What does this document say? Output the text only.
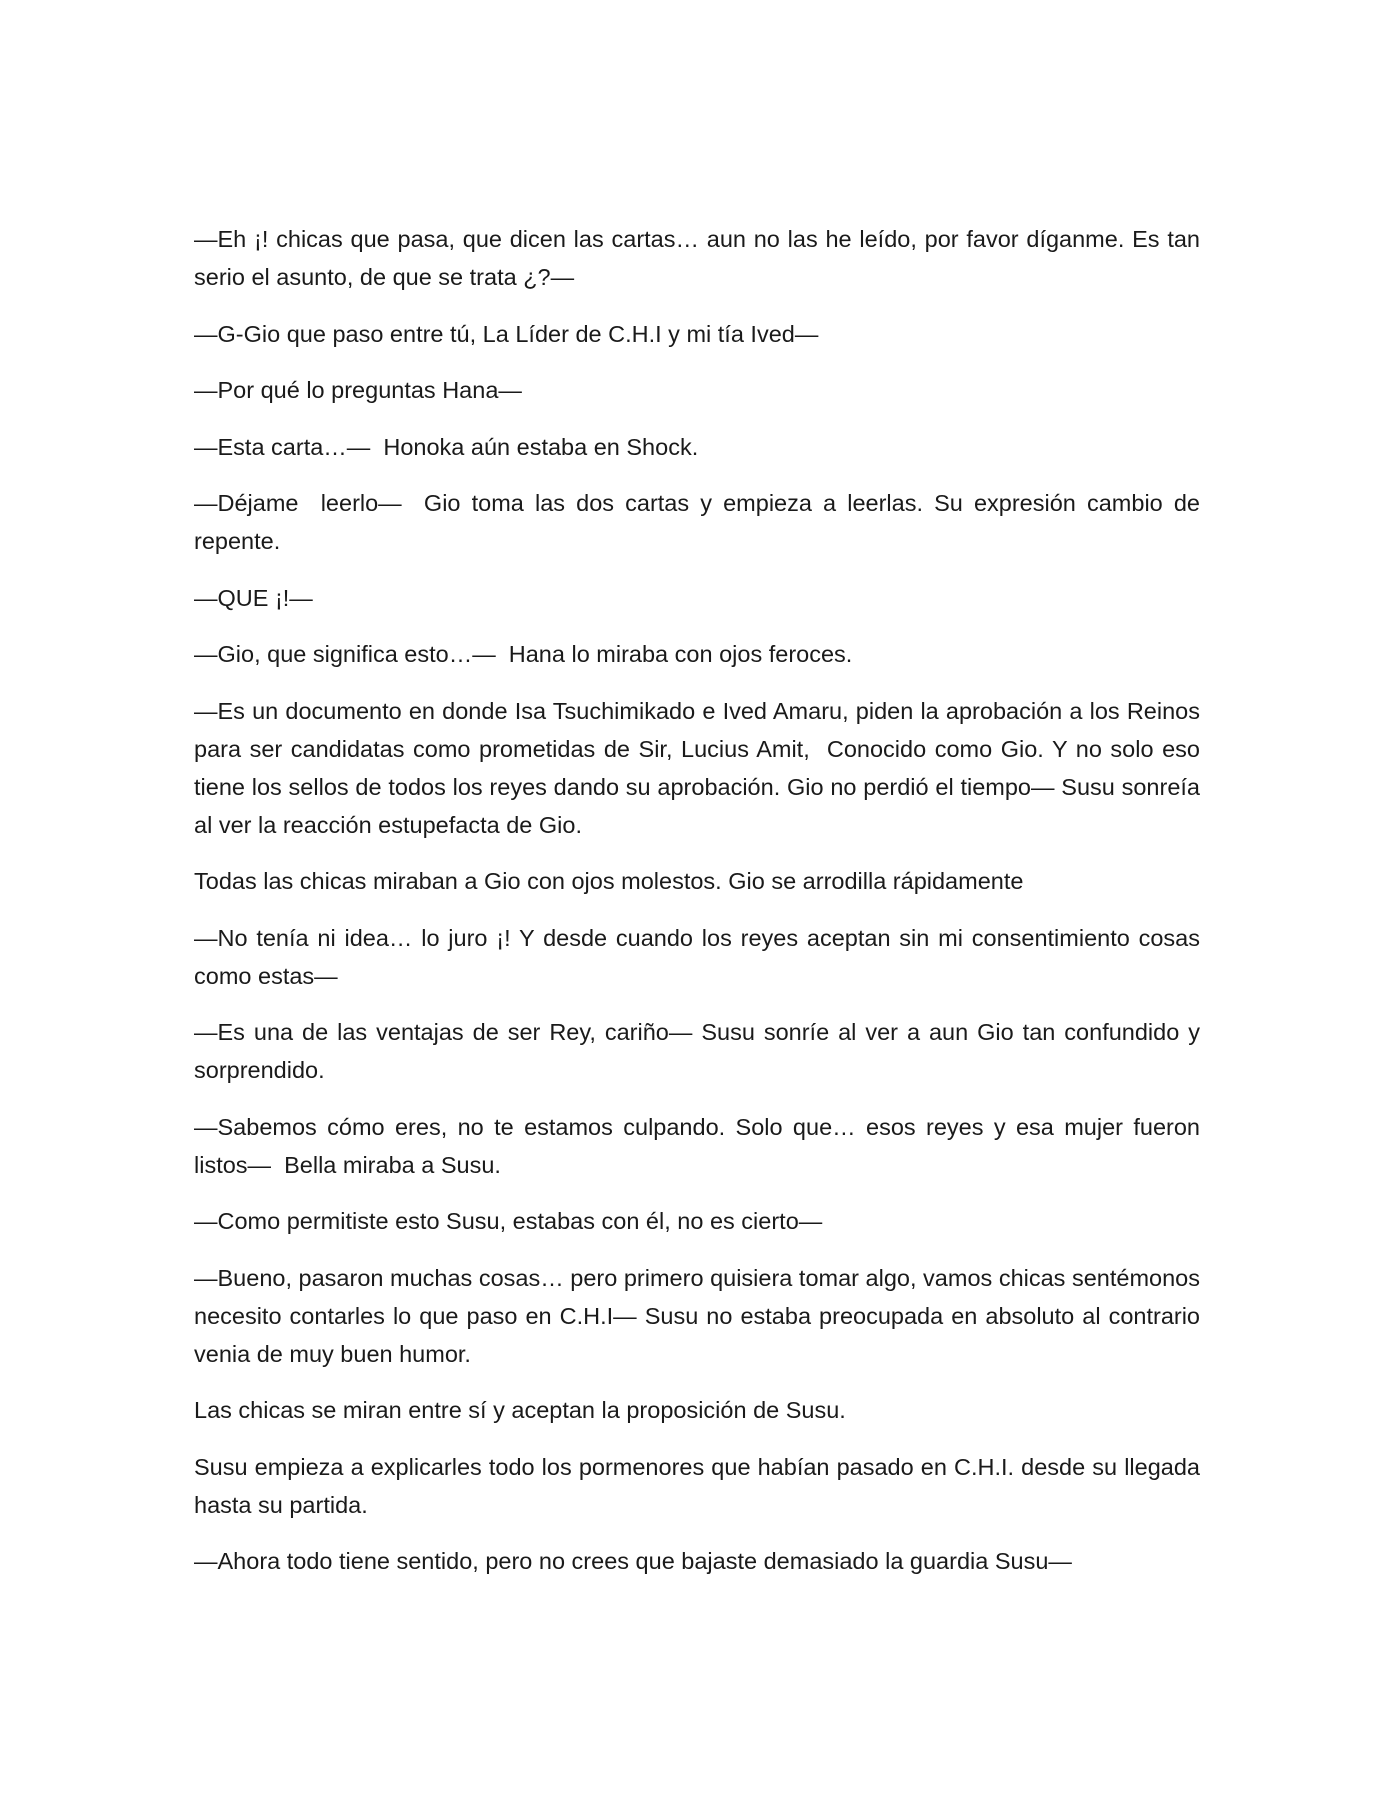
—Eh ¡! chicas que pasa, que dicen las cartas… aun no las he leído, por favor díganme. Es tan serio el asunto, de que se trata ¿?—

—G-Gio que paso entre tú, La Líder de C.H.I y mi tía Ived—

—Por qué lo preguntas Hana—

—Esta carta…—  Honoka aún estaba en Shock.

—Déjame  leerlo—  Gio toma las dos cartas y empieza a leerlas. Su expresión cambio de repente.

—QUE ¡!—

—Gio, que significa esto…—  Hana lo miraba con ojos feroces.

—Es un documento en donde Isa Tsuchimikado e Ived Amaru, piden la aprobación a los Reinos para ser candidatas como prometidas de Sir, Lucius Amit,  Conocido como Gio. Y no solo eso tiene los sellos de todos los reyes dando su aprobación. Gio no perdió el tiempo— Susu sonreía al ver la reacción estupefacta de Gio.

Todas las chicas miraban a Gio con ojos molestos. Gio se arrodilla rápidamente

—No tenía ni idea… lo juro ¡! Y desde cuando los reyes aceptan sin mi consentimiento cosas como estas—

—Es una de las ventajas de ser Rey, cariño— Susu sonríe al ver a aun Gio tan confundido y sorprendido.

—Sabemos cómo eres, no te estamos culpando. Solo que… esos reyes y esa mujer fueron listos—  Bella miraba a Susu.

—Como permitiste esto Susu, estabas con él, no es cierto—

—Bueno, pasaron muchas cosas… pero primero quisiera tomar algo, vamos chicas sentémonos necesito contarles lo que paso en C.H.I— Susu no estaba preocupada en absoluto al contrario venia de muy buen humor.

Las chicas se miran entre sí y aceptan la proposición de Susu.

Susu empieza a explicarles todo los pormenores que habían pasado en C.H.I. desde su llegada hasta su partida.

—Ahora todo tiene sentido, pero no crees que bajaste demasiado la guardia Susu—
